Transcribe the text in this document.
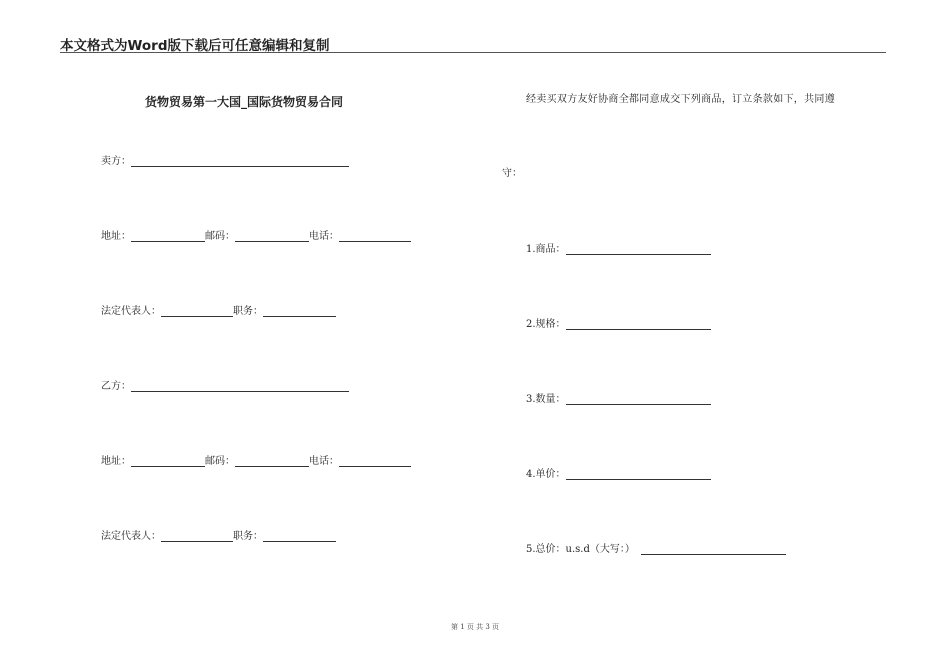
本文格式为Word版下载后可任意编辑和复制
货物贸易第一大国_国际货物贸易合同
卖方：
地址：	邮码：	电话：
法定代表人：	职务：
乙方：
地址：	邮码：	电话：
法定代表人：	职务：
经卖买双方友好协商全都同意成交下列商品，订立条款如下，共同遵
守：
1.商品：
2.规格：
3.数量：
4.单价：
5.总价：u.s.d（大写：）
第 1 页 共 3 页
